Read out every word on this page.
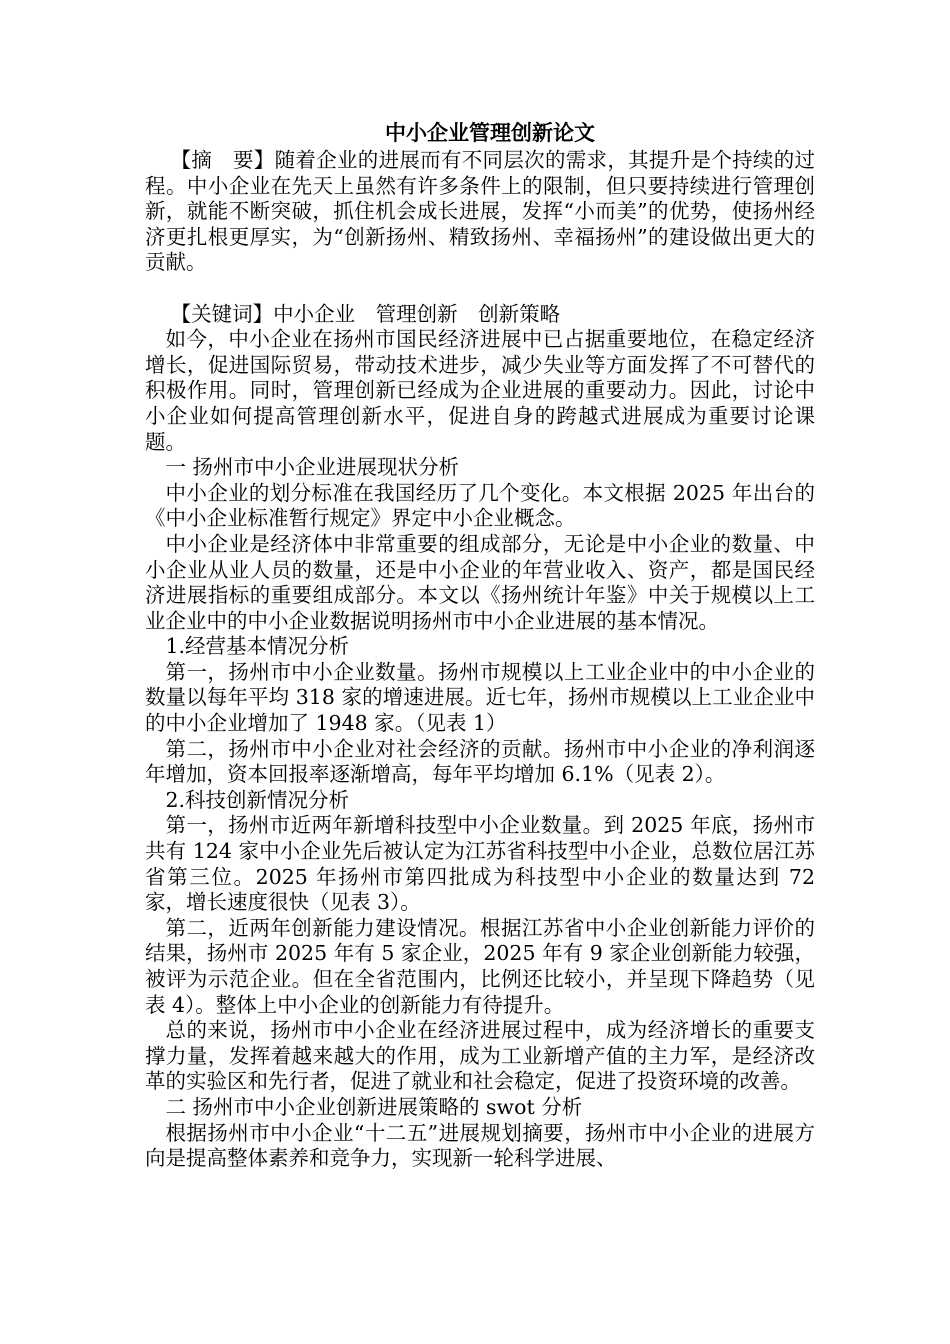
中小企业管理创新论文

【摘　要】随着企业的进展而有不同层次的需求，其提升是个持续的过程。中小企业在先天上虽然有许多条件上的限制，但只要持续进行管理创新，就能不断突破，抓住机会成长进展，发挥“小而美”的优势，使扬州经济更扎根更厚实，为“创新扬州、精致扬州、幸福扬州”的建设做出更大的贡献。

【关键词】中小企业　管理创新　创新策略

如今，中小企业在扬州市国民经济进展中已占据重要地位，在稳定经济增长，促进国际贸易，带动技术进步，减少失业等方面发挥了不可替代的积极作用。同时，管理创新已经成为企业进展的重要动力。因此，讨论中小企业如何提高管理创新水平，促进自身的跨越式进展成为重要讨论课题。

一 扬州市中小企业进展现状分析

中小企业的划分标准在我国经历了几个变化。本文根据 2025 年出台的《中小企业标准暂行规定》界定中小企业概念。

中小企业是经济体中非常重要的组成部分，无论是中小企业的数量、中小企业从业人员的数量，还是中小企业的年营业收入、资产，都是国民经济进展指标的重要组成部分。本文以《扬州统计年鉴》中关于规模以上工业企业中的中小企业数据说明扬州市中小企业进展的基本情况。

1.经营基本情况分析

第一，扬州市中小企业数量。扬州市规模以上工业企业中的中小企业的数量以每年平均 318 家的增速进展。近七年，扬州市规模以上工业企业中的中小企业增加了 1948 家。（见表 1）

第二，扬州市中小企业对社会经济的贡献。扬州市中小企业的净利润逐年增加，资本回报率逐渐增高，每年平均增加 6.1%（见表 2）。

2.科技创新情况分析

第一，扬州市近两年新增科技型中小企业数量。到 2025 年底，扬州市共有 124 家中小企业先后被认定为江苏省科技型中小企业，总数位居江苏省第三位。2025 年扬州市第四批成为科技型中小企业的数量达到 72 家，增长速度很快（见表 3）。

第二，近两年创新能力建设情况。根据江苏省中小企业创新能力评价的结果，扬州市 2025 年有 5 家企业，2025 年有 9 家企业创新能力较强，被评为示范企业。但在全省范围内，比例还比较小，并呈现下降趋势（见表 4）。整体上中小企业的创新能力有待提升。

总的来说，扬州市中小企业在经济进展过程中，成为经济增长的重要支撑力量，发挥着越来越大的作用，成为工业新增产值的主力军，是经济改革的实验区和先行者，促进了就业和社会稳定，促进了投资环境的改善。

二 扬州市中小企业创新进展策略的 swot 分析

根据扬州市中小企业“十二五”进展规划摘要，扬州市中小企业的进展方向是提高整体素养和竞争力，实现新一轮科学进展、
